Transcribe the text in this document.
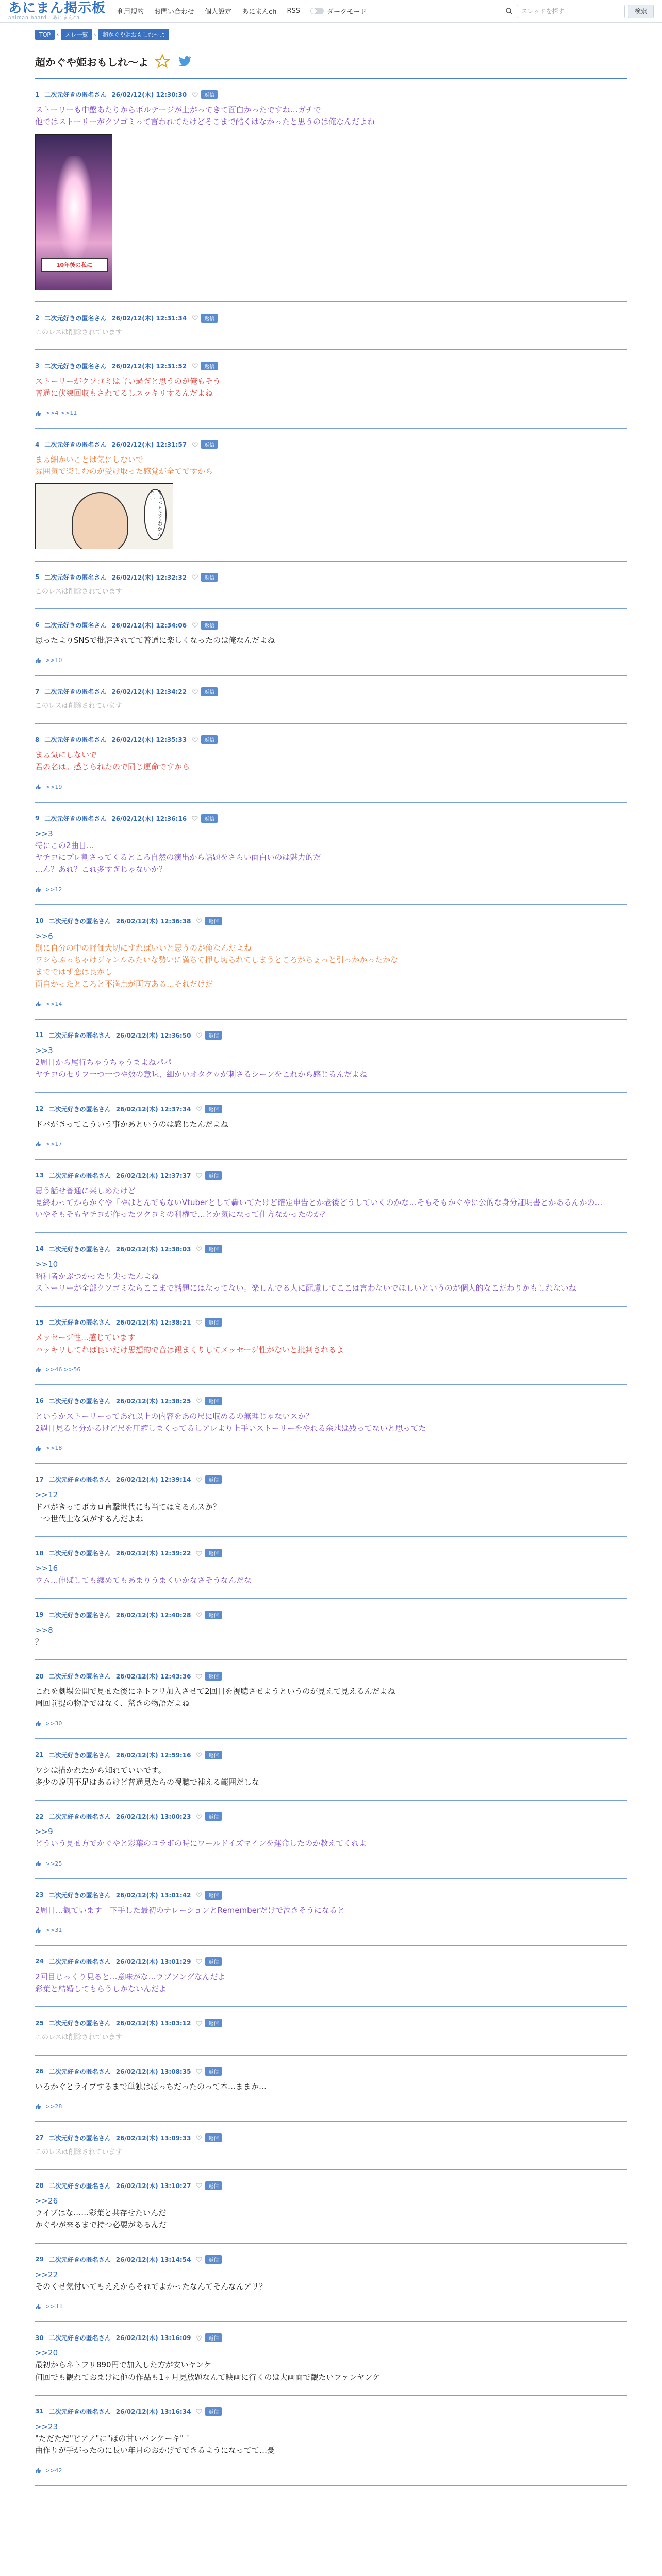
あにまん掲示板
animan board · あにまんch
利用規約 お問い合わせ 個人設定 あにまんch RSS	ダークモード	スレッドを探す	検索
TOP	›	スレ一覧	›	超かぐや姫おもしれ～よ
超かぐや姫おもしれ～よ
1 二次元好きの匿名さん 26/02/12(木) 12:30:30	返信
ストーリーも中盤あたりからボルテージが上がってきて面白かったですね…ガチで
他ではストーリーがクソゴミって言われてたけどそこまで酷くはなかったと思うのは俺なんだよね
10年後の私に
2 二次元好きの匿名さん 26/02/12(木) 12:31:34	返信
このレスは削除されています
3 二次元好きの匿名さん 26/02/12(木) 12:31:52	返信
ストーリーがクソゴミは言い過ぎと思うのが俺もそう
普通に伏線回収もされてるしスッキリするんだよね
>>4 >>11
4 二次元好きの匿名さん 26/02/12(木) 12:31:57	返信
まぁ細かいことは気にしないで
雰囲気で楽しむのが受け取った感覚が全てですから
ちょっとよくわかんない
5 二次元好きの匿名さん 26/02/12(木) 12:32:32	返信
このレスは削除されています
6 二次元好きの匿名さん 26/02/12(木) 12:34:06	返信
思ったよりSNSで批評されてて普通に楽しくなったのは俺なんだよね
>>10
7 二次元好きの匿名さん 26/02/12(木) 12:34:22	返信
このレスは削除されています
8 二次元好きの匿名さん 26/02/12(木) 12:35:33	返信
まぁ気にしないで
君の名は。感じられたので同じ運命ですから
>>19
9 二次元好きの匿名さん 26/02/12(木) 12:36:16	返信
>>3
特にこの2曲目…
ヤチヨにプレ割さってくるところ自然の演出から話題をさらい面白いのは魅力的だ
…ん？あれ？これ多すぎじゃないか？
>>12
10 二次元好きの匿名さん 26/02/12(木) 12:36:38	返信
>>6
別に自分の中の評価大切にすればいいと思うのが俺なんだよね
ワシらぶっちゃけジャンルみたいな勢いに満ちて押し切られてしまうところがちょっと引っかかったかな
までではず恋は良かし
面白かったところと不満点が両方ある…それだけだ
>>14
11 二次元好きの匿名さん 26/02/12(木) 12:36:50	返信
>>3
2周目から尾行ちゃうちゃうまよねパパ
ヤチヨのセリフ一つ一つや数の意味、細かいオタクゥが刺さるシーンをこれから感じるんだよね
12 二次元好きの匿名さん 26/02/12(木) 12:37:34	返信
ドバがきってこういう事かあというのは感じたんだよね
>>17
13 二次元好きの匿名さん 26/02/12(木) 12:37:37	返信
思う話せ普通に楽しめたけど
見終わってからかぐや「やはとんでもないVtuberとして轟いてたけど確定申告とか老後どうしていくのかな…そもそもかぐやに公的な身分証明書とかあるんかの…
いやそもそもヤチヨが作ったツクヨミの利権で…とか気になって仕方なかったのか？
14 二次元好きの匿名さん 26/02/12(木) 12:38:03	返信
>>10
昭和者かぶつかったり尖ったんよね
ストーリーが全部クソゴミならここまで話題にはなってない。楽しんでる人に配慮してここは言わないでほしいというのが個人的なこだわりかもしれないね
15 二次元好きの匿名さん 26/02/12(木) 12:38:21	返信
メッセージ性…感じています
ハッキリしてれば良いだけ思想的で音は観まくりしてメッセージ性がないと批判されるよ
>>46 >>56
16 二次元好きの匿名さん 26/02/12(木) 12:38:25	返信
というかストーリーってあれ以上の内容をあの尺に収めるの無理じゃないスか？
2週目見ると分かるけど尺を圧縮しまくってるしアレより上手いストーリーをやれる余地は残ってないと思ってた
>>18
17 二次元好きの匿名さん 26/02/12(木) 12:39:14	返信
>>12
ドバがきってボカロ直撃世代にも当てはまるんスか？
一つ世代上な気がするんだよね
18 二次元好きの匿名さん 26/02/12(木) 12:39:22	返信
>>16
ウム…伸ばしても纏めてもあまりうまくいかなさそうなんだな
19 二次元好きの匿名さん 26/02/12(木) 12:40:28	返信
>>8
？
20 二次元好きの匿名さん 26/02/12(木) 12:43:36	返信
これを劇場公開で見せた後にネトフリ加入させて2回目を視聴させようというのが見えて見えるんだよね
周回前提の物語ではなく、驚きの物語だよね
>>30
21 二次元好きの匿名さん 26/02/12(木) 12:59:16	返信
ワシは描かれたから知れていいです。
多少の説明不足はあるけど普通見たらの視聴で補える範囲だしな
22 二次元好きの匿名さん 26/02/12(木) 13:00:23	返信
>>9
どういう見せ方でかぐやと彩葉のコラボの時にワールドイズマインを運命したのか教えてくれよ
>>25
23 二次元好きの匿名さん 26/02/12(木) 13:01:42	返信
2周目…観ています　下手した最初のナレーションとRememberだけで泣きそうになると
>>31
24 二次元好きの匿名さん 26/02/12(木) 13:01:29	返信
2回目じっくり見ると…意味がな…ラブソングなんだよ
彩葉と結婚してもらうしかないんだよ
25 二次元好きの匿名さん 26/02/12(木) 13:03:12	返信
このレスは削除されています
26 二次元好きの匿名さん 26/02/12(木) 13:08:35	返信
いろかぐとライブするまで単独はぼっちだったのって本…ままか…
>>28
27 二次元好きの匿名さん 26/02/12(木) 13:09:33	返信
このレスは削除されています
28 二次元好きの匿名さん 26/02/12(木) 13:10:27	返信
>>26
ライブはな……彩葉と共存せたいんだ
かぐやが来るまで持つ必要があるんだ
29 二次元好きの匿名さん 26/02/12(木) 13:14:54	返信
>>22
そのくせ気付いてもええからそれでよかったなんてそんなんアリ？
>>33
30 二次元好きの匿名さん 26/02/12(木) 13:16:09	返信
>>20
最初からネトフリ890円で加入した方が安いヤンケ
何回でも観れておまけに他の作品も1ヶ月見放題なんて映画に行くのは大画面で観たいファンヤンケ
31 二次元好きの匿名さん 26/02/12(木) 13:16:34	返信
>>23
"ただただ"ピアノ"に"ほの甘いパンケーキ" ！
曲作りが手がったのに長い年月のおかげでできるようになってて…憂
>>42
